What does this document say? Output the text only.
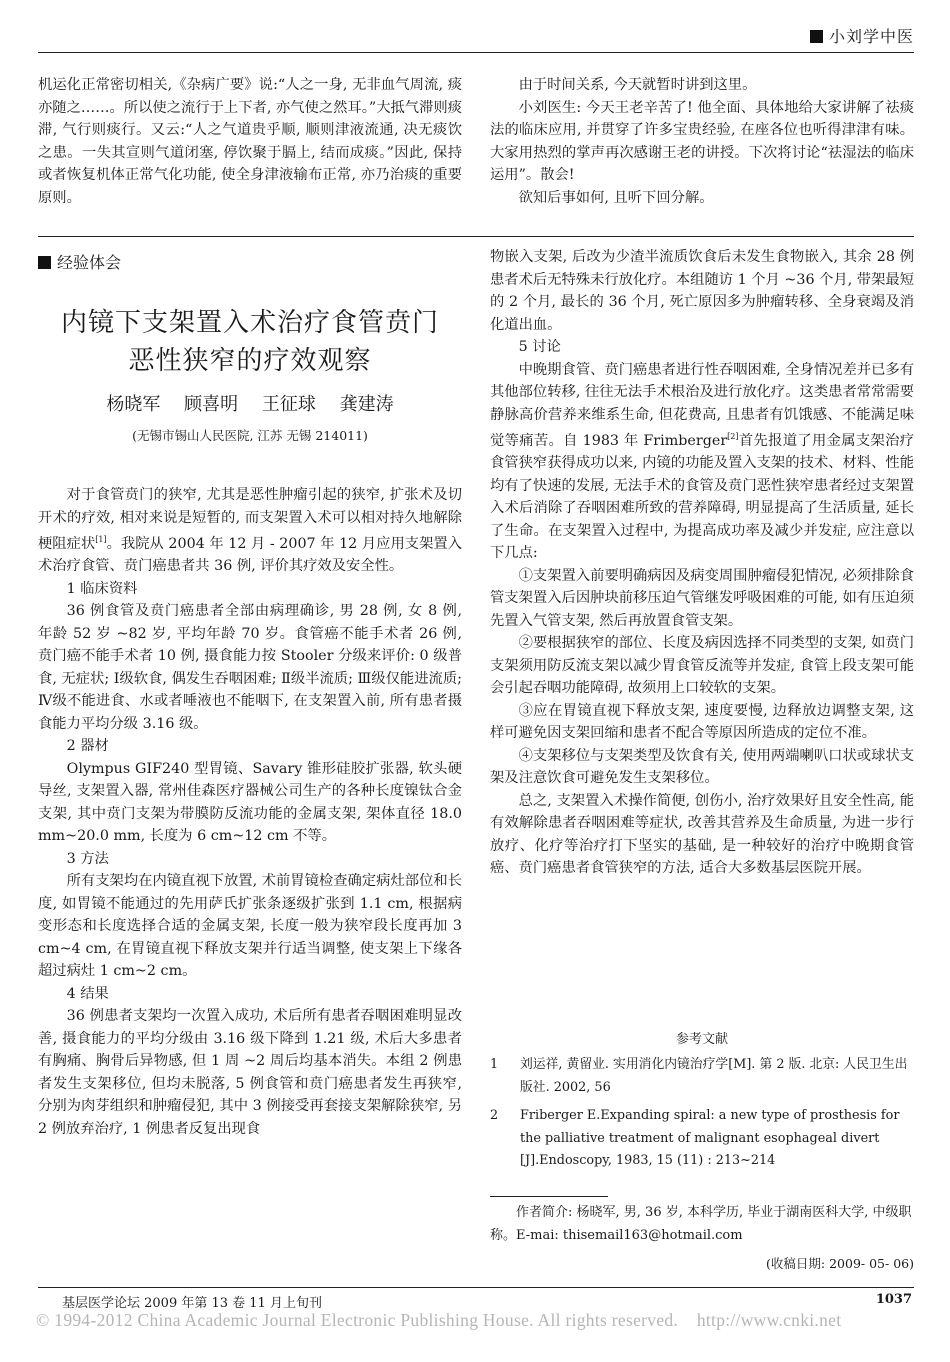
小刘学中医

机运化正常密切相关,《杂病广要》说:“人之一身, 无非血气周流, 痰亦随之……。所以使之流行于上下者, 亦气使之然耳。”大抵气滞则痰滞, 气行则痰行。又云:“人之气道贵乎顺, 顺则津液流通, 决无痰饮之患。一失其宣则气道闭塞, 停饮聚于膈上, 结而成痰。”因此, 保持或者恢复机体正常气化功能, 使全身津液输布正常, 亦乃治痰的重要原则。

由于时间关系, 今天就暂时讲到这里。

小刘医生: 今天王老辛苦了! 他全面、具体地给大家讲解了祛痰法的临床应用, 并贯穿了许多宝贵经验, 在座各位也听得津津有味。大家用热烈的掌声再次感谢王老的讲授。下次将讨论“祛湿法的临床运用”。散会!

欲知后事如何, 且听下回分解。

经验体会
内镜下支架置入术治疗食管贲门
恶性狭窄的疗效观察
杨晓军 顾喜明 王征球 龚建涛
(无锡市锡山人民医院, 江苏 无锡 214011)

对于食管贲门的狭窄, 尤其是恶性肿瘤引起的狭窄, 扩张术及切开术的疗效, 相对来说是短暂的, 而支架置入术可以相对持久地解除梗阻症状[1]。我院从 2004 年 12 月 - 2007 年 12 月应用支架置入术治疗食管、贲门癌患者共 36 例, 评价其疗效及安全性。

1 临床资料

36 例食管及贲门癌患者全部由病理确诊, 男 28 例, 女 8 例, 年龄 52 岁 ~82 岁, 平均年龄 70 岁。食管癌不能手术者 26 例, 贲门癌不能手术者 10 例, 摄食能力按 Stooler 分级来评价: 0 级普食, 无症状; Ⅰ级软食, 偶发生吞咽困难; Ⅱ级半流质; Ⅲ级仅能进流质; Ⅳ级不能进食、水或者唾液也不能咽下, 在支架置入前, 所有患者摄食能力平均分级 3.16 级。

2 器材

Olympus GIF240 型胃镜、Savary 锥形硅胶扩张器, 软头硬导丝, 支架置入器, 常州佳森医疗器械公司生产的各种长度镍钛合金支架, 其中贲门支架为带膜防反流功能的金属支架, 架体直径 18.0 mm~20.0 mm, 长度为 6 cm~12 cm 不等。

3 方法

所有支架均在内镜直视下放置, 术前胃镜检查确定病灶部位和长度, 如胃镜不能通过的先用萨氏扩张条逐级扩张到 1.1 cm, 根据病变形态和长度选择合适的金属支架, 长度一般为狭窄段长度再加 3 cm~4 cm, 在胃镜直视下释放支架并行适当调整, 使支架上下缘各超过病灶 1 cm~2 cm。

4 结果

36 例患者支架均一次置入成功, 术后所有患者吞咽困难明显改善, 摄食能力的平均分级由 3.16 级下降到 1.21 级, 术后大多患者有胸痛、胸骨后异物感, 但 1 周 ~2 周后均基本消失。本组 2 例患者发生支架移位, 但均未脱落, 5 例食管和贲门癌患者发生再狭窄, 分别为肉芽组织和肿瘤侵犯, 其中 3 例接受再套接支架解除狭窄, 另 2 例放弃治疗, 1 例患者反复出现食

物嵌入支架, 后改为少渣半流质饮食后未发生食物嵌入, 其余 28 例患者术后无特殊未行放化疗。本组随访 1 个月 ~36 个月, 带架最短的 2 个月, 最长的 36 个月, 死亡原因多为肿瘤转移、全身衰竭及消化道出血。

5 讨论

中晚期食管、贲门癌患者进行性吞咽困难, 全身情况差并已多有其他部位转移, 往往无法手术根治及进行放化疗。这类患者常常需要静脉高价营养来维系生命, 但花费高, 且患者有饥饿感、不能满足味觉等痛苦。自 1983 年 Frimberger[2]首先报道了用金属支架治疗食管狭窄获得成功以来, 内镜的功能及置入支架的技术、材料、性能均有了快速的发展, 无法手术的食管及贲门恶性狭窄患者经过支架置入术后消除了吞咽困难所致的营养障碍, 明显提高了生活质量, 延长了生命。在支架置入过程中, 为提高成功率及减少并发症, 应注意以下几点:

①支架置入前要明确病因及病变周围肿瘤侵犯情况, 必须排除食管支架置入后因肿块前移压迫气管继发呼吸困难的可能, 如有压迫须先置入气管支架, 然后再放置食管支架。

②要根据狭窄的部位、长度及病因选择不同类型的支架, 如贲门支架须用防反流支架以减少胃食管反流等并发症, 食管上段支架可能会引起吞咽功能障碍, 故须用上口较软的支架。

③应在胃镜直视下释放支架, 速度要慢, 边释放边调整支架, 这样可避免因支架回缩和患者不配合等原因所造成的定位不准。

④支架移位与支架类型及饮食有关, 使用两端喇叭口状或球状支架及注意饮食可避免发生支架移位。

总之, 支架置入术操作简便, 创伤小, 治疗效果好且安全性高, 能有效解除患者吞咽困难等症状, 改善其营养及生命质量, 为进一步行放疗、化疗等治疗打下坚实的基础, 是一种较好的治疗中晚期食管癌、贲门癌患者食管狭窄的方法, 适合大多数基层医院开展。

参考文献
1 刘运祥, 黄留业. 实用消化内镜治疗学[M]. 第 2 版. 北京: 人民卫生出版社. 2002, 56
2 Friberger E.Expanding spiral: a new type of prosthesis for the palliative treatment of malignant esophageal divert [J].Endoscopy, 1983, 15 (11) : 213~214
作者简介: 杨晓军, 男, 36 岁, 本科学历, 毕业于湖南医科大学, 中级职称。E-mai: thisemail163@hotmail.com
(收稿日期: 2009- 05- 06)
基层医学论坛 2009 年第 13 卷 11 月上旬刊	1037
© 1994-2012 China Academic Journal Electronic Publishing House. All rights reserved.    http://www.cnki.net
